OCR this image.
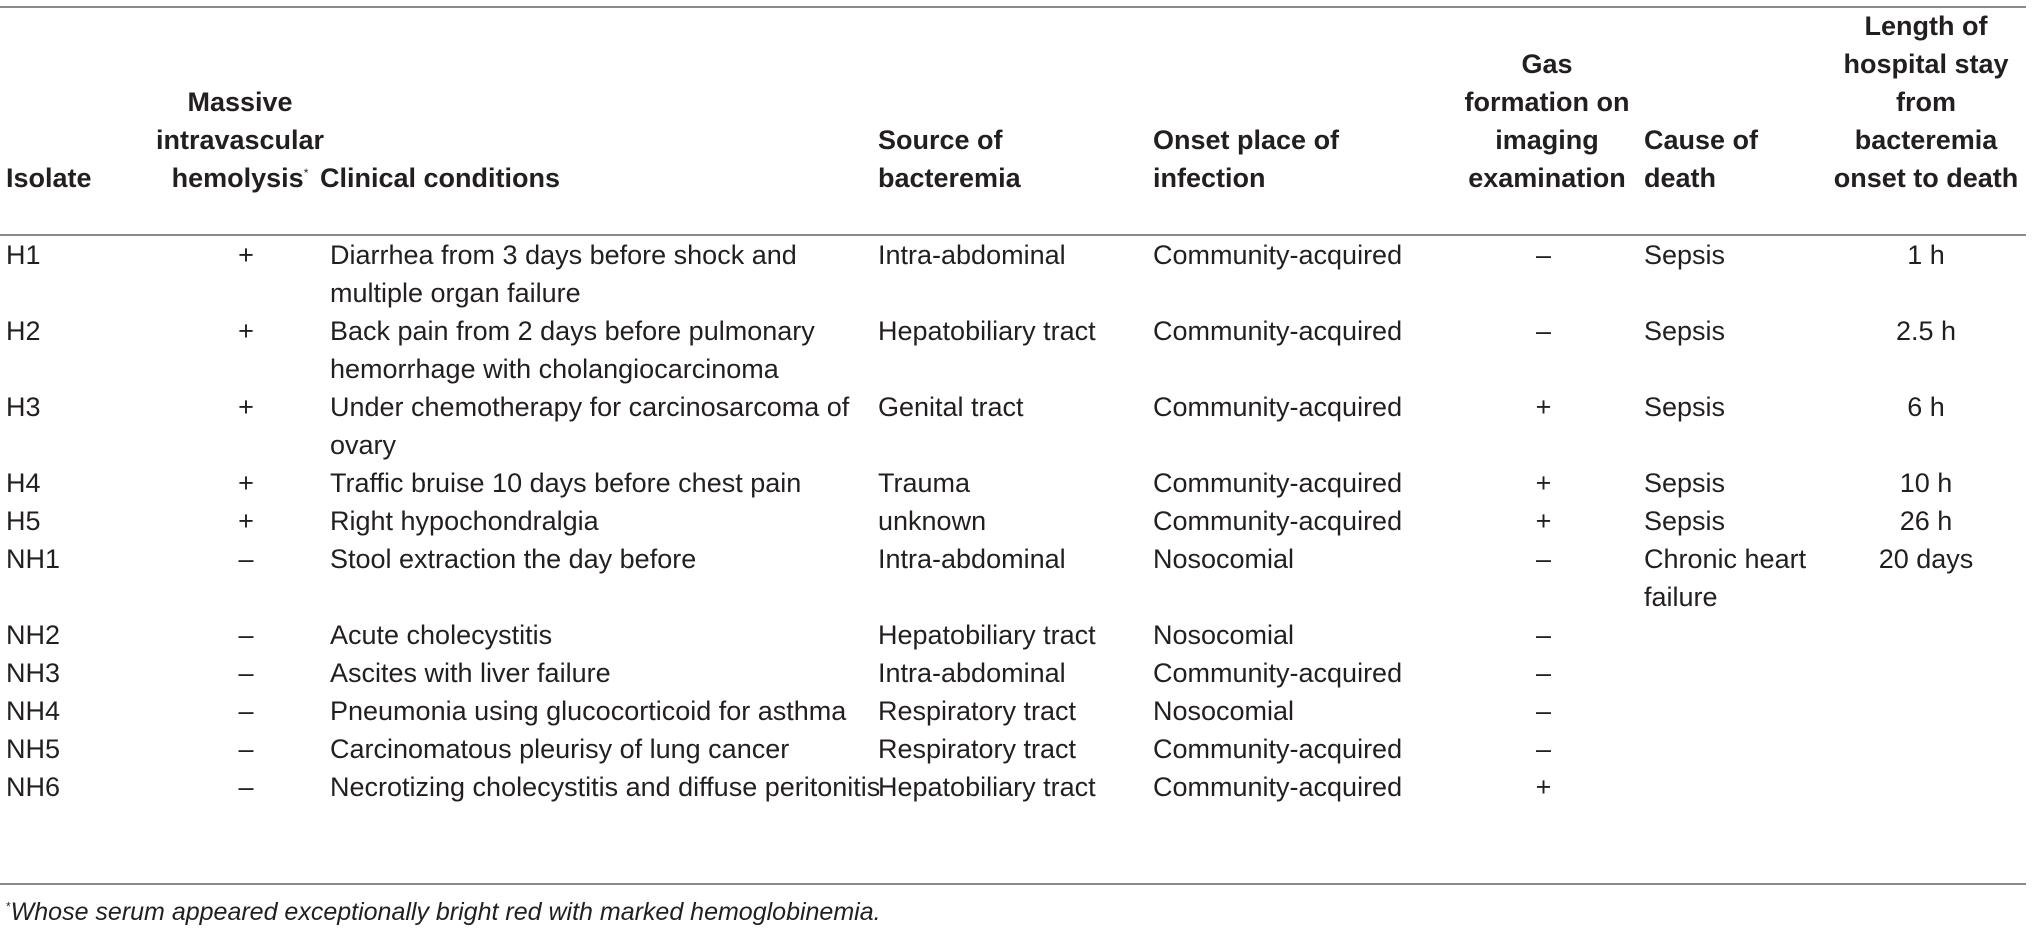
Isolate	Massive intravascular hemolysis*	Clinical conditions	Source of bacteremia	Onset place of infection	Gas formation on imaging examination	Cause of death	Length of hospital stay from bacteremia onset to death

H1	+	Diarrhea from 3 days before shock and multiple organ failure	Intra-abdominal	Community-acquired	–	Sepsis	1 h
H2	+	Back pain from 2 days before pulmonary hemorrhage with cholangiocarcinoma	Hepatobiliary tract	Community-acquired	–	Sepsis	2.5 h
H3	+	Under chemotherapy for carcinosarcoma of ovary	Genital tract	Community-acquired	+	Sepsis	6 h
H4	+	Traffic bruise 10 days before chest pain	Trauma	Community-acquired	+	Sepsis	10 h
H5	+	Right hypochondralgia	unknown	Community-acquired	+	Sepsis	26 h
NH1	–	Stool extraction the day before	Intra-abdominal	Nosocomial	–	Chronic heart failure	20 days
NH2	–	Acute cholecystitis	Hepatobiliary tract	Nosocomial	–		
NH3	–	Ascites with liver failure	Intra-abdominal	Community-acquired	–		
NH4	–	Pneumonia using glucocorticoid for asthma	Respiratory tract	Nosocomial	–		
NH5	–	Carcinomatous pleurisy of lung cancer	Respiratory tract	Community-acquired	–		
NH6	–	Necrotizing cholecystitis and diffuse peritonitis	Hepatobiliary tract	Community-acquired	+		
*Whose serum appeared exceptionally bright red with marked hemoglobinemia.
